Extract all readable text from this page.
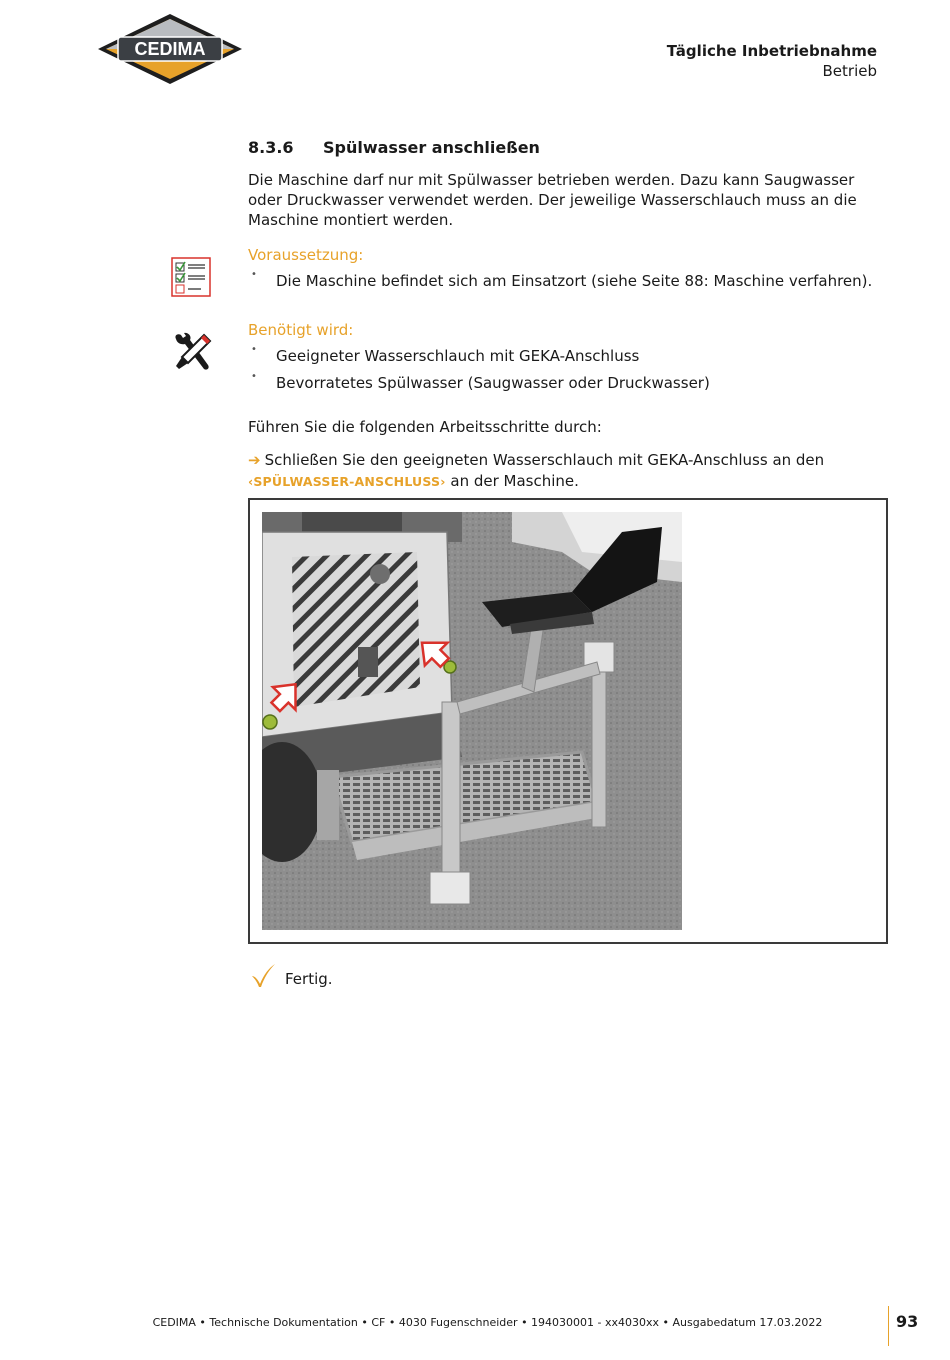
CEDIMA	Tägliche Inbetriebnahme
Betrieb
8.3.6 Spülwasser anschließen
Die Maschine darf nur mit Spülwasser betrieben werden. Dazu kann Saugwasser oder Druckwasser verwendet werden. Der jeweilige Wasserschlauch muss an die Maschine montiert werden.
Voraussetzung:
• Die Maschine befindet sich am Einsatzort (siehe Seite 88: Maschine verfahren).
Benötigt wird:
• Geeigneter Wasserschlauch mit GEKA-Anschluss
• Bevorratetes Spülwasser (Saugwasser oder Druckwasser)
Führen Sie die folgenden Arbeitsschritte durch:
➔ Schließen Sie den geeigneten Wasserschlauch mit GEKA-Anschluss an den ‹SPÜLWASSER-ANSCHLUSS› an der Maschine.
Fertig.
CEDIMA • Technische Dokumentation • CF • 4030 Fugenschneider • 194030001 - xx4030xx • Ausgabedatum 17.03.2022	93
